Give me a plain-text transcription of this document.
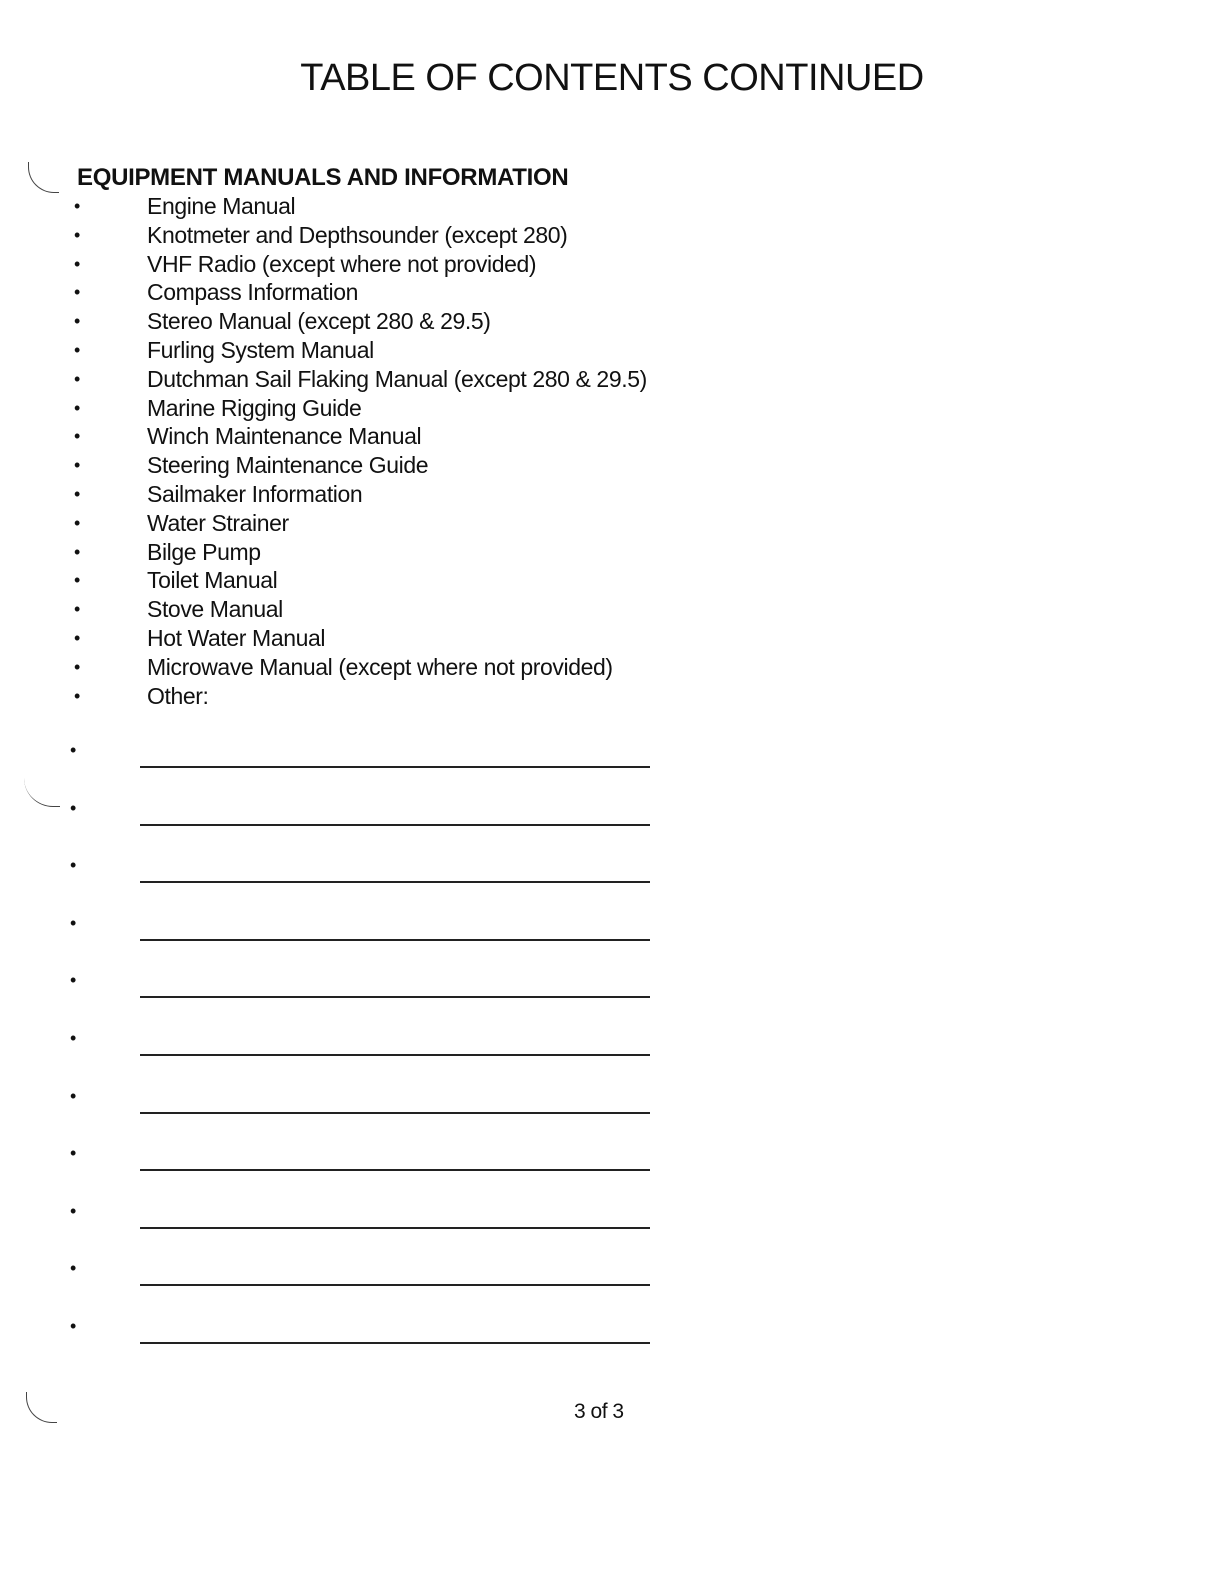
TABLE OF CONTENTS CONTINUED
EQUIPMENT MANUALS AND INFORMATION
•	Engine Manual
•	Knotmeter and Depthsounder (except 280)
•	VHF Radio (except where not provided)
•	Compass Information
•	Stereo Manual (except 280 & 29.5)
•	Furling System Manual
•	Dutchman Sail Flaking Manual (except 280 & 29.5)
•	Marine Rigging Guide
•	Winch Maintenance Manual
•	Steering Maintenance Guide
•	Sailmaker Information
•	Water Strainer
•	Bilge Pump
•	Toilet Manual
•	Stove Manual
•	Hot Water Manual
•	Microwave Manual (except where not provided)
•	Other:
•
•
•
•
•
•
•
•
•
•
•
3 of 3
